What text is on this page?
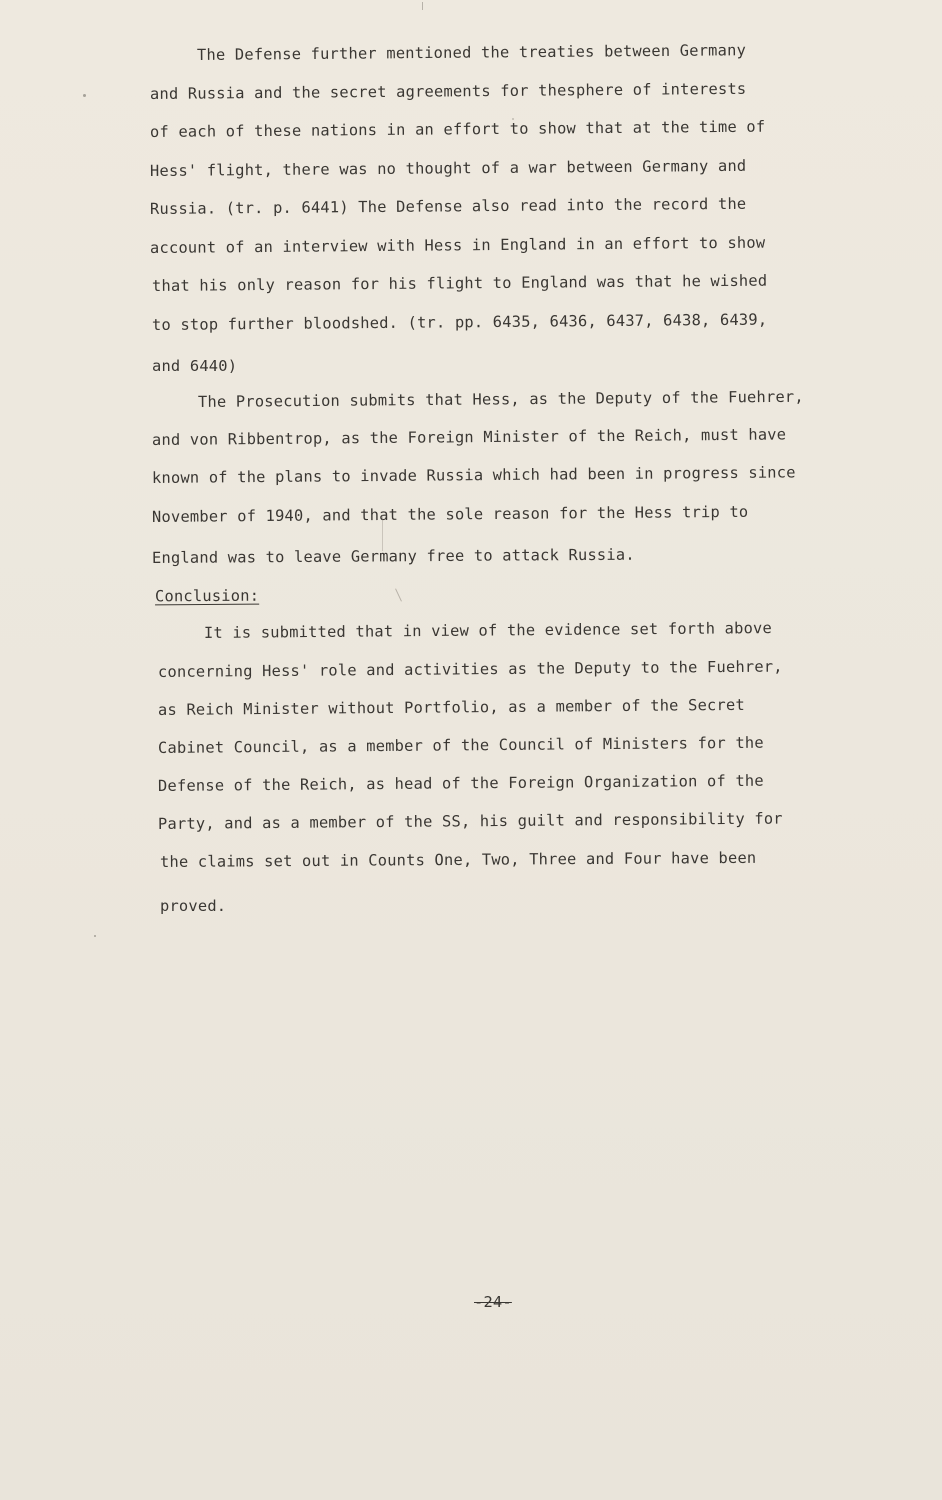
The Defense further mentioned the treaties between Germany
and Russia and the secret agreements for thesphere of interests
of each of these nations in an effort to show that at the time of
Hess' flight, there was no thought of a war between Germany and
Russia. (tr. p. 6441) The Defense also read into the record the
account of an interview with Hess in England in an effort to show
that his only reason for his flight to England was that he wished
to stop further bloodshed. (tr. pp. 6435, 6436, 6437, 6438, 6439,
and 6440)
The Prosecution submits that Hess, as the Deputy of the Fuehrer,
and von Ribbentrop, as the Foreign Minister of the Reich, must have
known of the plans to invade Russia which had been in progress since
November of 1940, and that the sole reason for the Hess trip to
England was to leave Germany free to attack Russia.
Conclusion:
It is submitted that in view of the evidence set forth above
concerning Hess' role and activities as the Deputy to the Fuehrer,
as Reich Minister without Portfolio, as a member of the Secret
Cabinet Council, as a member of the Council of Ministers for the
Defense of the Reich, as head of the Foreign Organization of the
Party, and as a member of the SS, his guilt and responsibility for
the claims set out in Counts One, Two, Three and Four have been
proved.
-24-
